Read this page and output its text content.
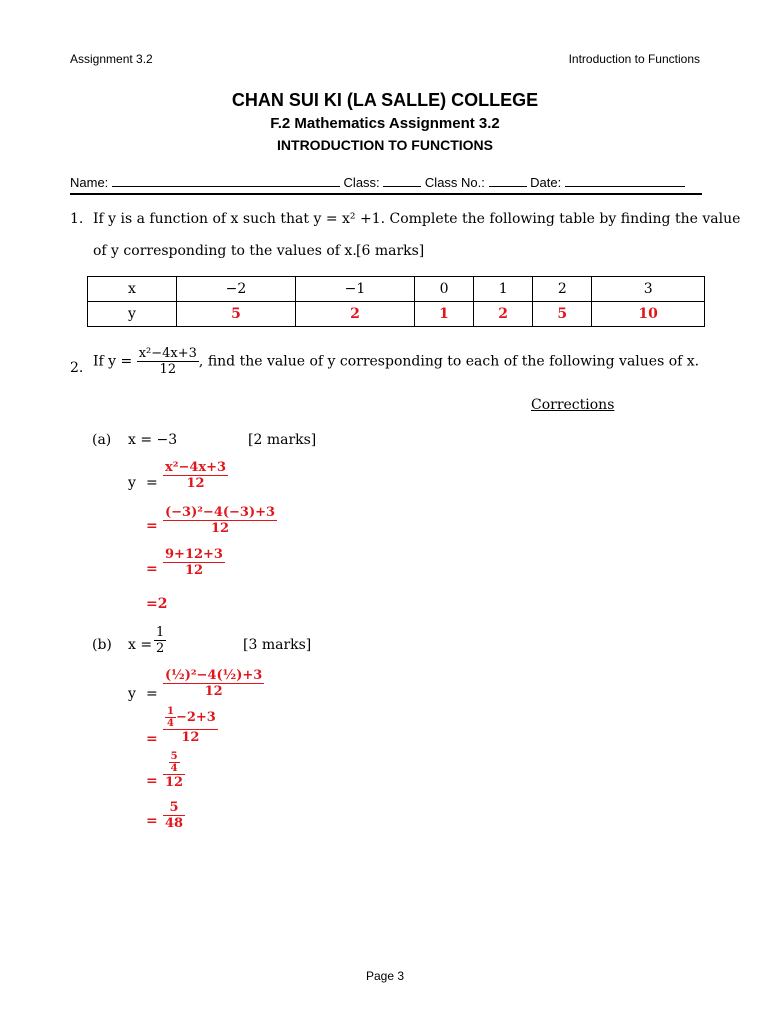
Assignment 3.2	Introduction to Functions
CHAN SUI KI (LA SALLE) COLLEGE
F.2 Mathematics Assignment 3.2
INTRODUCTION TO FUNCTIONS
Name:	Class:	Class No.:	Date:
1. If y is a function of x such that y = x² +1. Complete the following table by finding the value
of y corresponding to the values of x. [6 marks]
x	−2	−1	0	1	2	3
y	5	2	1	2	5	10
2. If $y = \frac{\text{x²−4x+3}}{12}$ , find the value of y corresponding to each of the following values of x.
Corrections
(a) x = −3	[2 marks]
$y = \frac{\text{x²−4x+3}}{12}$
= $\frac{\text{(−3)²−4(−3)+3}}{12}$
= $\frac{9+12+3}{12}$
=2
(b) $x = \frac{1}{2}$	[3 marks]
$y = \frac{\text{(½)²−4(½)+3}}{12}$
= $\frac{\frac{1}{4} -2+3}{12}$
= $\frac{\frac{5}{4}}{12}$
= $\frac{5}{48}$
Page 3
